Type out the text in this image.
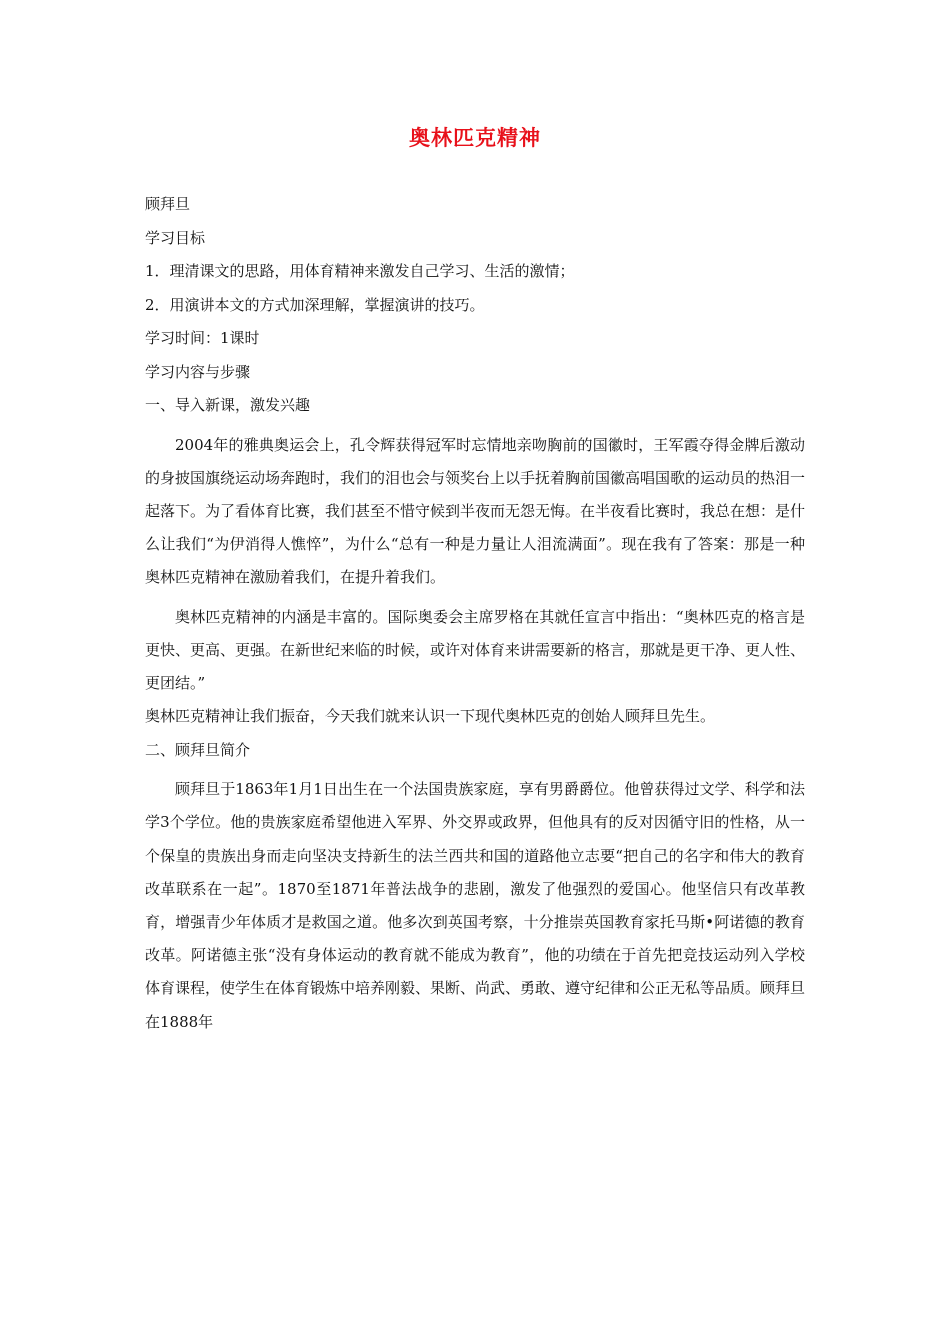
奥林匹克精神
顾拜旦
学习目标
1．理清课文的思路，用体育精神来激发自己学习、生活的激情；
2．用演讲本文的方式加深理解，掌握演讲的技巧。
学习时间：1课时
学习内容与步骤
一、导入新课，激发兴趣

2004年的雅典奥运会上，孔令辉获得冠军时忘情地亲吻胸前的国徽时，王军霞夺得金牌后激动的身披国旗绕运动场奔跑时，我们的泪也会与领奖台上以手抚着胸前国徽高唱国歌的运动员的热泪一起落下。为了看体育比赛，我们甚至不惜守候到半夜而无怨无悔。在半夜看比赛时，我总在想：是什么让我们“为伊消得人憔悴”，为什么“总有一种是力量让人泪流满面”。现在我有了答案：那是一种奥林匹克精神在激励着我们，在提升着我们。

奥林匹克精神的内涵是丰富的。国际奥委会主席罗格在其就任宣言中指出：“奥林匹克的格言是更快、更高、更强。在新世纪来临的时候，或许对体育来讲需要新的格言，那就是更干净、更人性、更团结。”

奥林匹克精神让我们振奋，今天我们就来认识一下现代奥林匹克的创始人顾拜旦先生。
二、顾拜旦简介

顾拜旦于1863年1月1日出生在一个法国贵族家庭，享有男爵爵位。他曾获得过文学、科学和法学3个学位。他的贵族家庭希望他进入军界、外交界或政界，但他具有的反对因循守旧的性格，从一个保皇的贵族出身而走向坚决支持新生的法兰西共和国的道路他立志要“把自己的名字和伟大的教育改革联系在一起”。1870至1871年普法战争的悲剧，激发了他强烈的爱国心。他坚信只有改革教育，增强青少年体质才是救国之道。他多次到英国考察，十分推崇英国教育家托马斯•阿诺德的教育改革。阿诺德主张“没有身体运动的教育就不能成为教育”，他的功绩在于首先把竞技运动列入学校体育课程，使学生在体育锻炼中培养刚毅、果断、尚武、勇敢、遵守纪律和公正无私等品质。顾拜旦在1888年
